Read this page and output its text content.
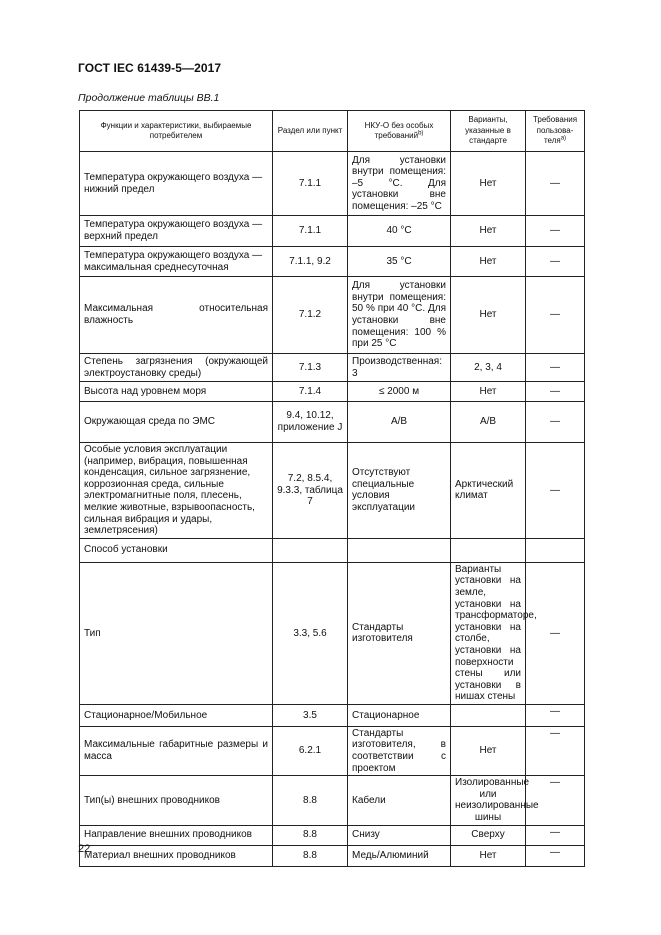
ГОСТ IEC 61439-5—2017
Продолжение таблицы ВВ.1
Функции и характеристики, выбираемые потребителем	Раздел или пункт	НКУ-О без особых требований$^{b)}$	Варианты, указанные в стандарте	Требования пользова-теля$^{a)}$
Температура окружающего воздуха — нижний предел	7.1.1	Для установки внутри помещения: –5 °C. Для установки вне помещения: –25 °C	Нет	—
Температура окружающего воздуха — верхний предел	7.1.1	40 °C	Нет	—
Температура окружающего воздуха — максимальная среднесуточная	7.1.1, 9.2	35 °C	Нет	—
Максимальная относительная влажность	7.1.2	Для установки внутри помещения: 50 % при 40 °C. Для установки вне помещения: 100 % при 25 °C	Нет	—
Степень загрязнения (окружающей электроустановку среды)	7.1.3	Производственная: 3	2, 3, 4	—
Высота над уровнем моря	7.1.4	≤ 2000 м	Нет	—
Окружающая среда по ЭМС	9.4, 10.12, приложение J	A/B	A/B	—
Особые условия эксплуатации (например, вибрация, повышенная конденсация, сильное загрязнение, коррозионная среда, сильные электромагнитные поля, плесень, мелкие животные, взрывоопасность, сильная вибрация и удары, землетрясения)	7.2, 8.5.4, 9.3.3, таблица 7	Отсутствуют специальные условия эксплуатации	Арктический климат	—
Способ установки				
Тип	3.3, 5.6	Стандарты изготовителя	Варианты установки на земле, установки на трансформаторе, установки на столбе, установки на поверхности стены или установки в нишах стены	—
Стационарное/Мобильное	3.5	Стационарное		—
Максимальные габаритные размеры и масса	6.2.1	Стандарты изготовителя, в соответствии с проектом	Нет	—
Тип(ы) внешних проводников	8.8	Кабели	Изолированные или неизолированные шины	—
Направление внешних проводников	8.8	Снизу	Сверху	—
Материал внешних проводников	8.8	Медь/Алюминий	Нет	—
22
